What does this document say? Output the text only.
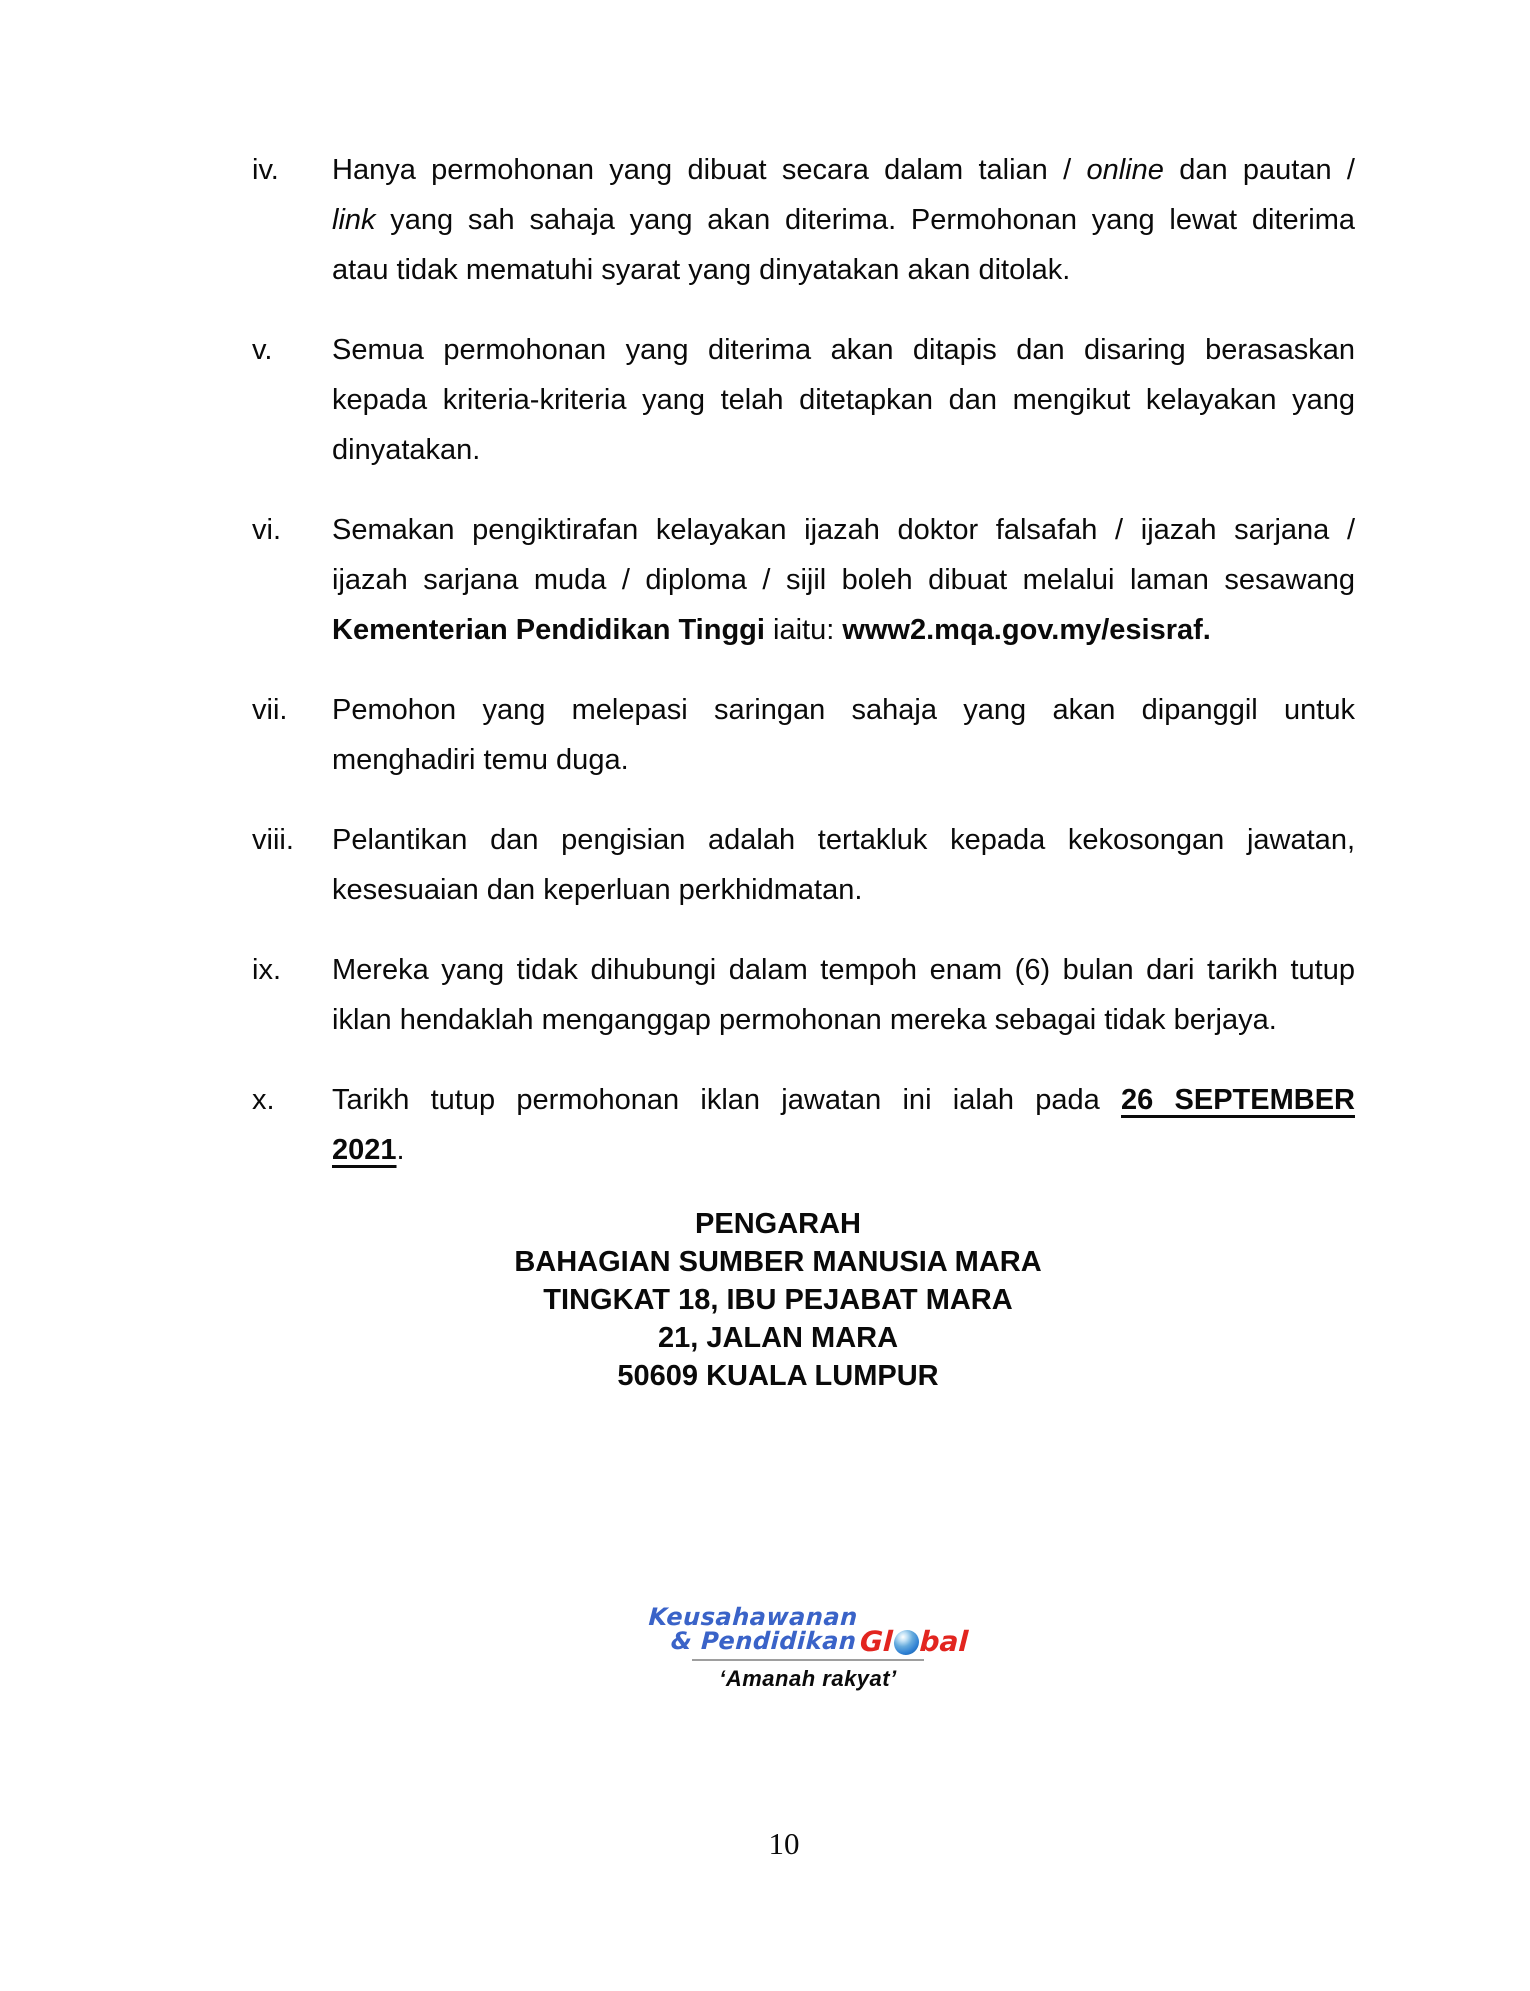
iv.	Hanya permohonan yang dibuat secara dalam talian / online dan pautan /
link yang sah sahaja yang akan diterima. Permohonan yang lewat diterima
atau tidak mematuhi syarat yang dinyatakan akan ditolak.
v.	Semua permohonan yang diterima akan ditapis dan disaring berasaskan
kepada kriteria-kriteria yang telah ditetapkan dan mengikut kelayakan yang
dinyatakan.
vi.	Semakan pengiktirafan kelayakan ijazah doktor falsafah / ijazah sarjana /
ijazah sarjana muda / diploma / sijil boleh dibuat melalui laman sesawang
Kementerian Pendidikan Tinggi iaitu: www2.mqa.gov.my/esisraf.
vii.	Pemohon yang melepasi saringan sahaja yang akan dipanggil untuk
menghadiri temu duga.
viii.	Pelantikan dan pengisian adalah tertakluk kepada kekosongan jawatan,
kesesuaian dan keperluan perkhidmatan.
ix.	Mereka yang tidak dihubungi dalam tempoh enam (6) bulan dari tarikh tutup
iklan hendaklah menganggap permohonan mereka sebagai tidak berjaya.
x.	Tarikh tutup permohonan iklan jawatan ini ialah pada 26 SEPTEMBER
2021.
PENGARAH
BAHAGIAN SUMBER MANUSIA MARA
TINGKAT 18, IBU PEJABAT MARA
21, JALAN MARA
50609 KUALA LUMPUR
Keusahawanan
& Pendidikan Gl bal
‘Amanah rakyat’
10
